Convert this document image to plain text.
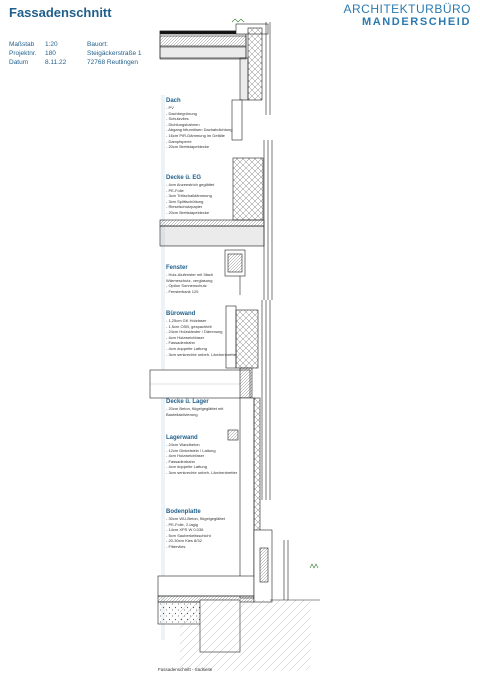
Fassadenschnitt	ARCHITEKTURBÜRO
MANDERSCHEID
Maßstab
Projektnr.
Datum
1:20
180
8.11.22
Bauort:
Steigäckerstraße 1
72768 Reutlingen
Dach
- PV
- Dachbegrünung
- Schutzvlies
- Dichtungsbahnen
- Abgang bitumiösen Dachabdichtung
- 16cm PIR-Dämmung im Gefälle
- Dampfsperre
- 20cm Brettstapeldecke
Decke ü. EG
- 4cm Anzeestrich geglättet
- PE-Folie
- 3cm Trittschalldämmung
- 3cm Splittschüttung
- Rieselschutzpapier
- 20cm Brettstapeldecke
Fenster
- Holz-Alufenster mit 3fach Wärmeschutz- verglasung
- Option Sonnenschutz
- Fensterbank 125
Bürowand
- 1,25cm GK Holzfaser
- 1,5cm OSB, gespachtelt
- 24cm Holzständer / Dämmung
- 4cm Holzweichfaser
- Fassadenbahn
- 4cm doppelte Lattung
- 3cm senkrechte unbeh. Lärchenbretter
Decke ü. Lager
- 20cm Beton, flügelgeglättet mit Bauteilaktivierung
Lagerwand
- 24cm Wandbeton
- 12cm Dinkelstein / Lattung
- 4cm Holzweichfaser
- Fassadenbahn
- 4cm doppelte Lattung
- 3cm senkrechte unbeh. Lärchenbretter
Bodenplatte
- 30cm WU-Beton, flügelgeglättet
- PE-Folie, 2-lagig
- 14cm XPS W 0.036
- 5cm Sauberkeitsschicht
- 20-30cm Kies 8/32
- Filtervlies
Fassadenschnitt - Südseite
